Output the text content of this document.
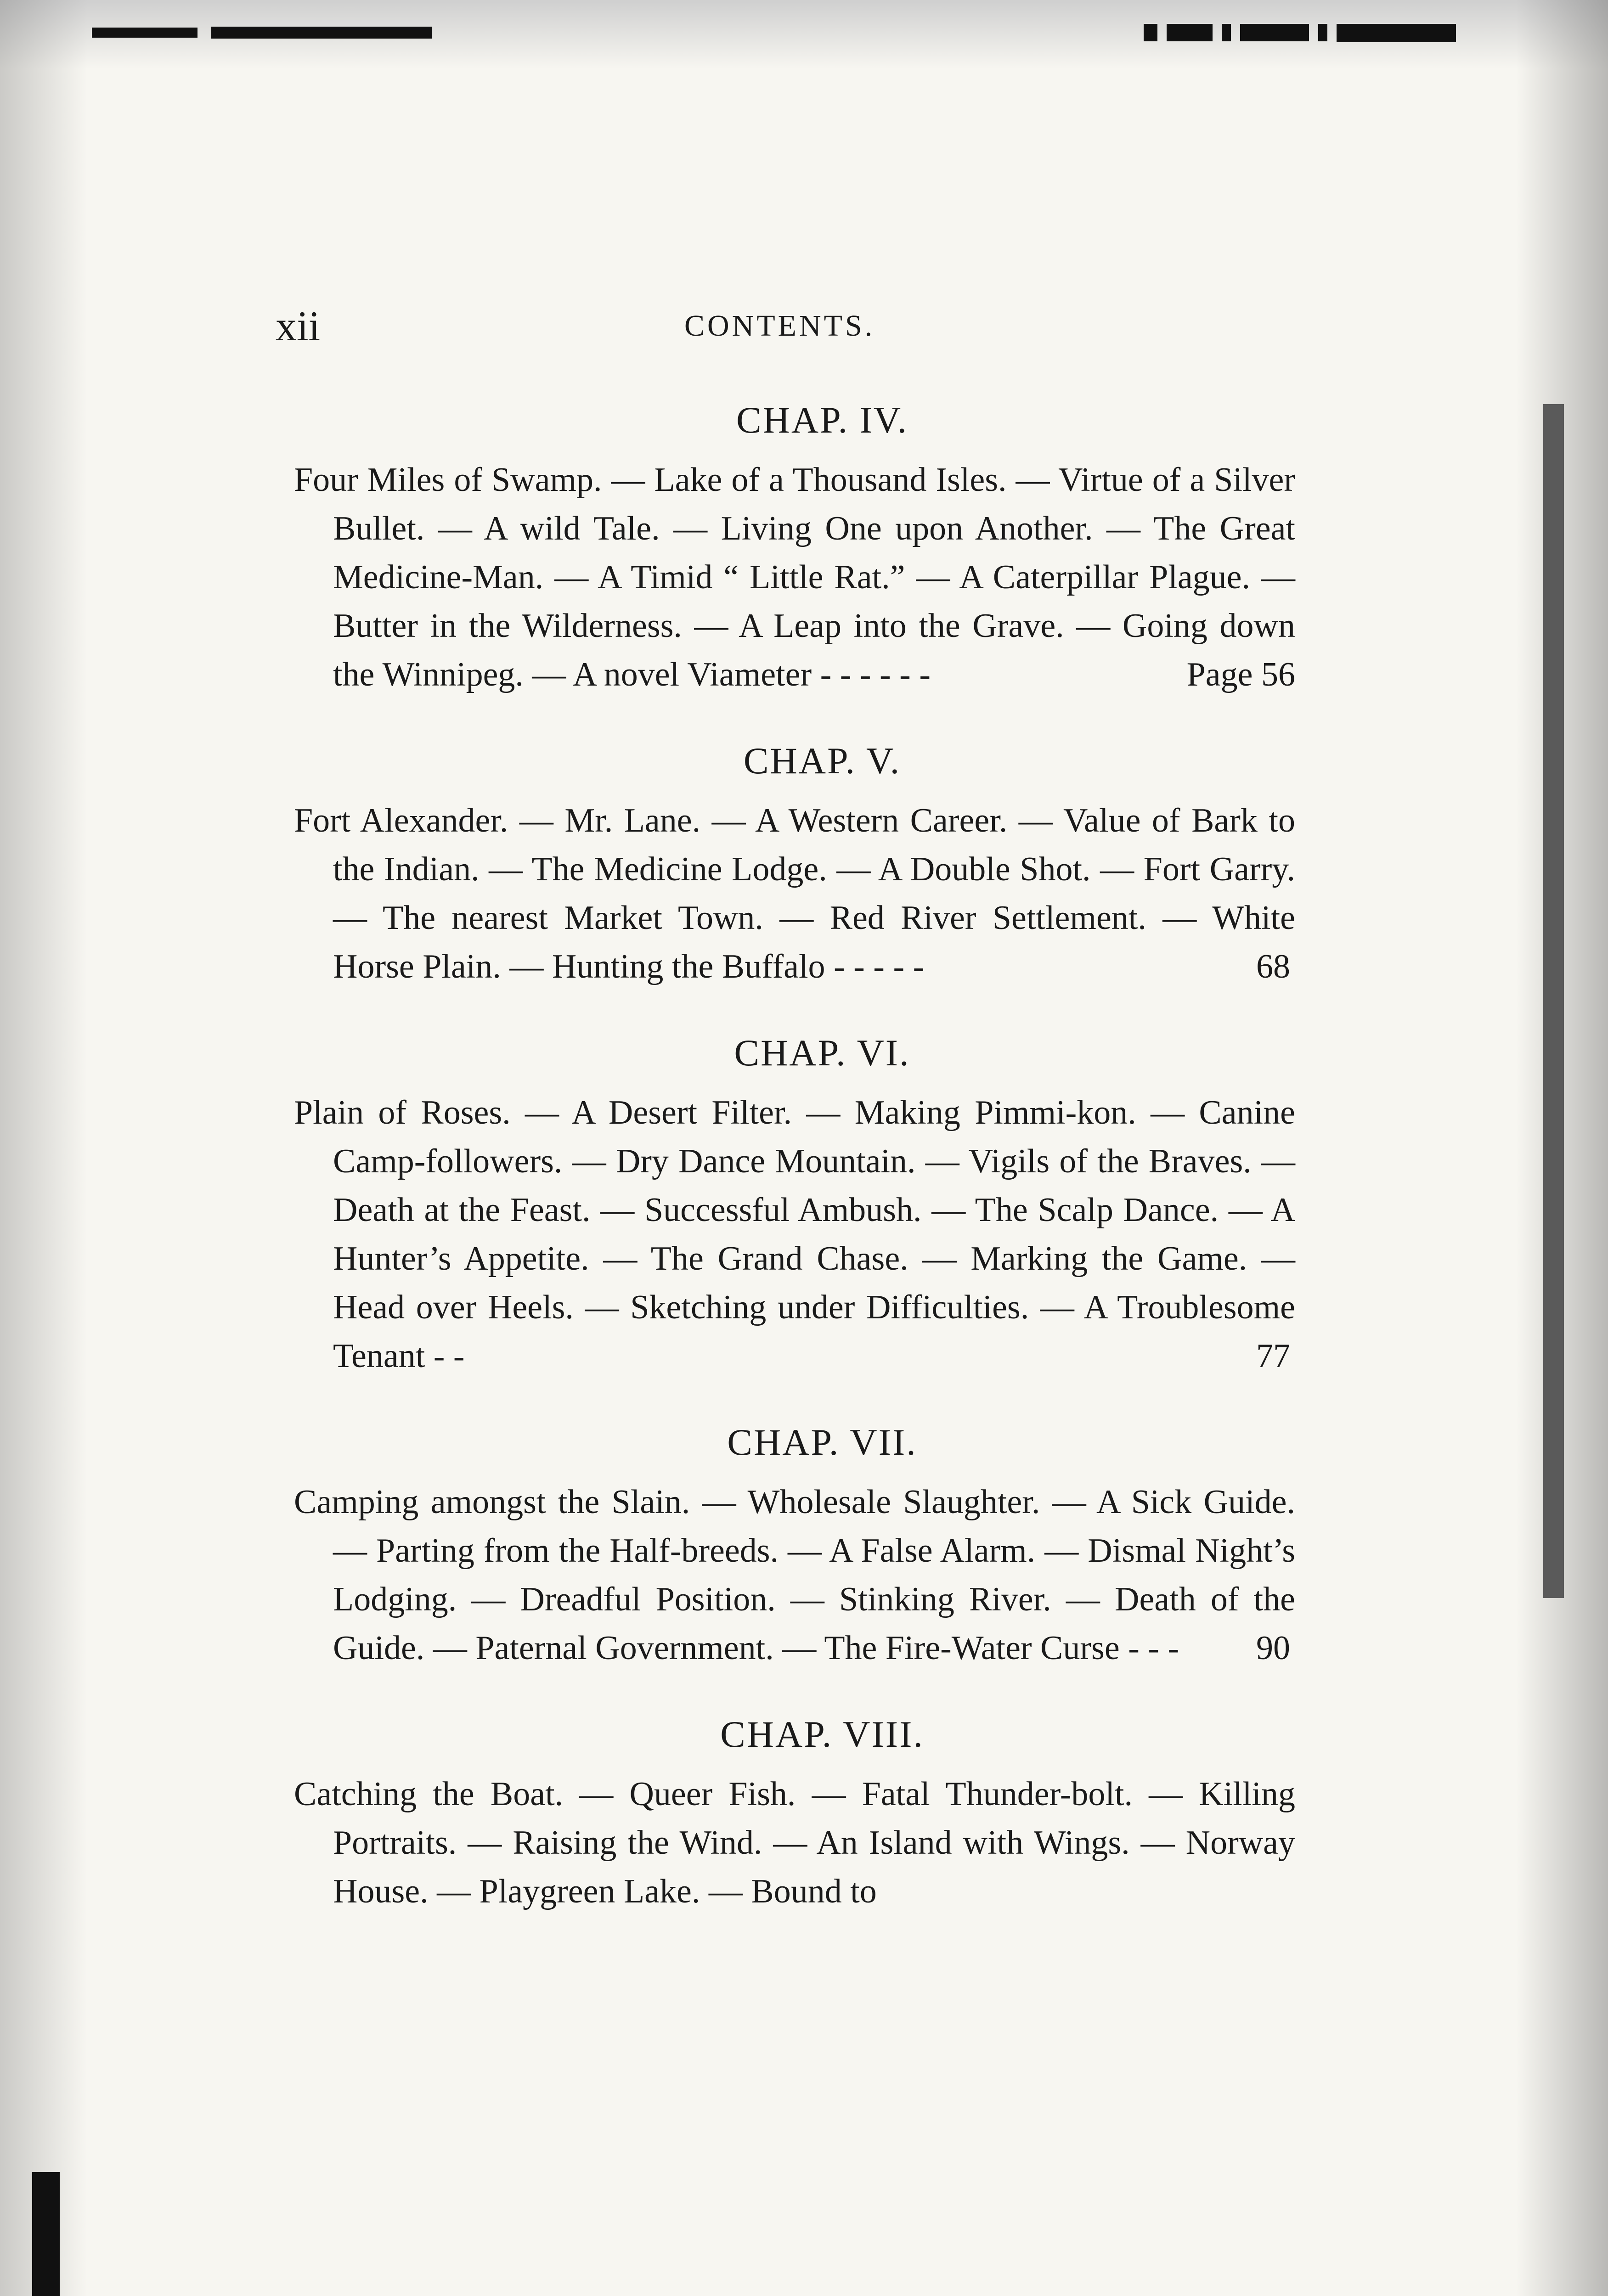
xii	CONTENTS.
CHAP. IV.
Four Miles of Swamp. — Lake of a Thousand Isles. — Virtue of a Silver Bullet. — A wild Tale. — Living One upon Another. — The Great Medicine-Man. — A Timid “ Little Rat.” — A Caterpillar Plague. — Butter in the Wilderness. — A Leap into the Grave. — Going down the Winnipeg. — A novel Viameter - - - - - -	Page 56
CHAP. V.
Fort Alexander. — Mr. Lane. — A Western Career. — Value of Bark to the Indian. — The Medicine Lodge. — A Double Shot. — Fort Garry. — The nearest Market Town. — Red River Settlement. — White Horse Plain. — Hunting the Buffalo - - - - -	68
CHAP. VI.
Plain of Roses. — A Desert Filter. — Making Pimmi-kon. — Canine Camp-followers. — Dry Dance Mountain. — Vigils of the Braves. — Death at the Feast. — Successful Ambush. — The Scalp Dance. — A Hunter’s Appetite. — The Grand Chase. — Marking the Game. — Head over Heels. — Sketching under Difficulties. — A Troublesome Tenant - -	77
CHAP. VII.
Camping amongst the Slain. — Wholesale Slaughter. — A Sick Guide. — Parting from the Half-breeds. — A False Alarm. — Dismal Night’s Lodging. — Dreadful Position. — Stinking River. — Death of the Guide. — Paternal Government. — The Fire-Water Curse - - - 90
CHAP. VIII.
Catching the Boat. — Queer Fish. — Fatal Thunder-bolt. — Killing Portraits. — Raising the Wind. — An Island with Wings. — Norway House. — Playgreen Lake. — Bound to
